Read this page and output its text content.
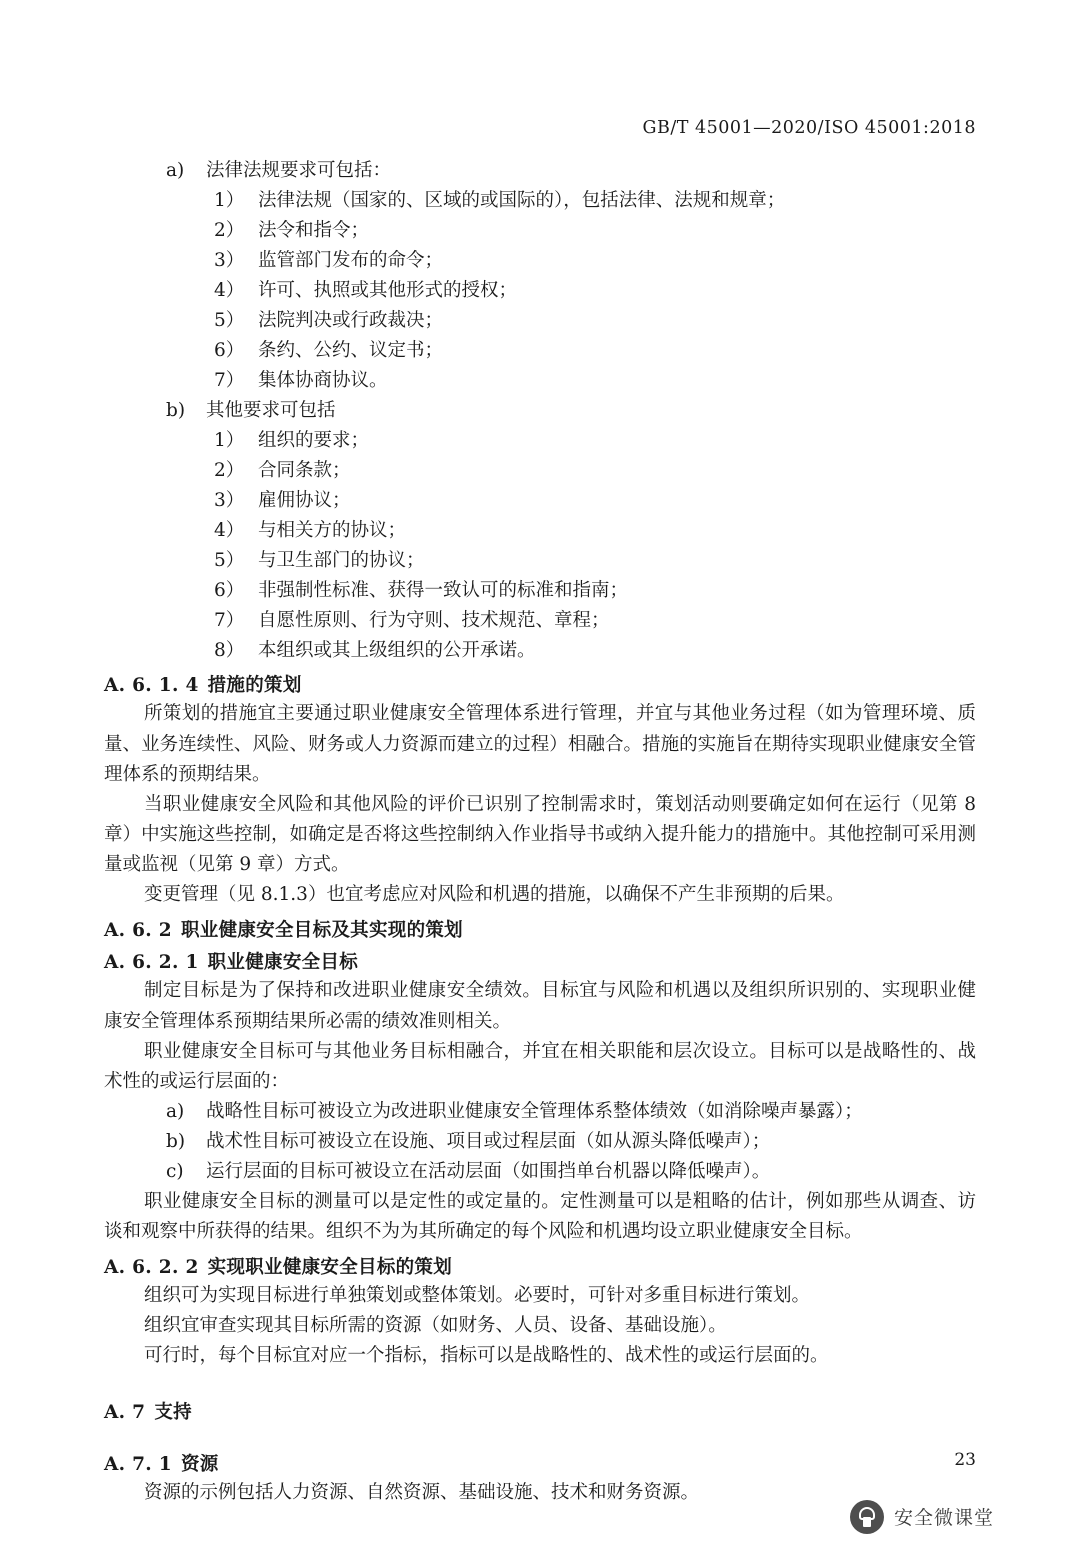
GB/T 45001—2020/ISO 45001:2018
a)	法律法规要求可包括：
1） 法律法规（国家的、区域的或国际的），包括法律、法规和规章；
2） 法令和指令；
3） 监管部门发布的命令；
4） 许可、执照或其他形式的授权；
5） 法院判决或行政裁决；
6） 条约、公约、议定书；
7） 集体协商协议。
b)	其他要求可包括
1） 组织的要求；
2） 合同条款；
3） 雇佣协议；
4） 与相关方的协议；
5） 与卫生部门的协议；
6） 非强制性标准、获得一致认可的标准和指南；
7） 自愿性原则、行为守则、技术规范、章程；
8） 本组织或其上级组织的公开承诺。
A. 6. 1. 4 措施的策划

所策划的措施宜主要通过职业健康安全管理体系进行管理，并宜与其他业务过程（如为管理环境、质量、业务连续性、风险、财务或人力资源而建立的过程）相融合。措施的实施旨在期待实现职业健康安全管理体系的预期结果。

当职业健康安全风险和其他风险的评价已识别了控制需求时，策划活动则要确定如何在运行（见第 8 章）中实施这些控制，如确定是否将这些控制纳入作业指导书或纳入提升能力的措施中。其他控制可采用测量或监视（见第 9 章）方式。

变更管理（见 8.1.3）也宜考虑应对风险和机遇的措施，以确保不产生非预期的后果。

A. 6. 2 职业健康安全目标及其实现的策划
A. 6. 2. 1 职业健康安全目标

制定目标是为了保持和改进职业健康安全绩效。目标宜与风险和机遇以及组织所识别的、实现职业健康安全管理体系预期结果所必需的绩效准则相关。

职业健康安全目标可与其他业务目标相融合，并宜在相关职能和层次设立。目标可以是战略性的、战术性的或运行层面的：

a)	战略性目标可被设立为改进职业健康安全管理体系整体绩效（如消除噪声暴露）；
b)	战术性目标可被设立在设施、项目或过程层面（如从源头降低噪声）；
c)	运行层面的目标可被设立在活动层面（如围挡单台机器以降低噪声）。

职业健康安全目标的测量可以是定性的或定量的。定性测量可以是粗略的估计，例如那些从调查、访谈和观察中所获得的结果。组织不为为其所确定的每个风险和机遇均设立职业健康安全目标。

A. 6. 2. 2 实现职业健康安全目标的策划

组织可为实现目标进行单独策划或整体策划。必要时，可针对多重目标进行策划。

组织宜审查实现其目标所需的资源（如财务、人员、设备、基础设施）。

可行时，每个目标宜对应一个指标，指标可以是战略性的、战术性的或运行层面的。

A. 7 支持
A. 7. 1 资源

资源的示例包括人力资源、自然资源、基础设施、技术和财务资源。

23
安全微课堂
